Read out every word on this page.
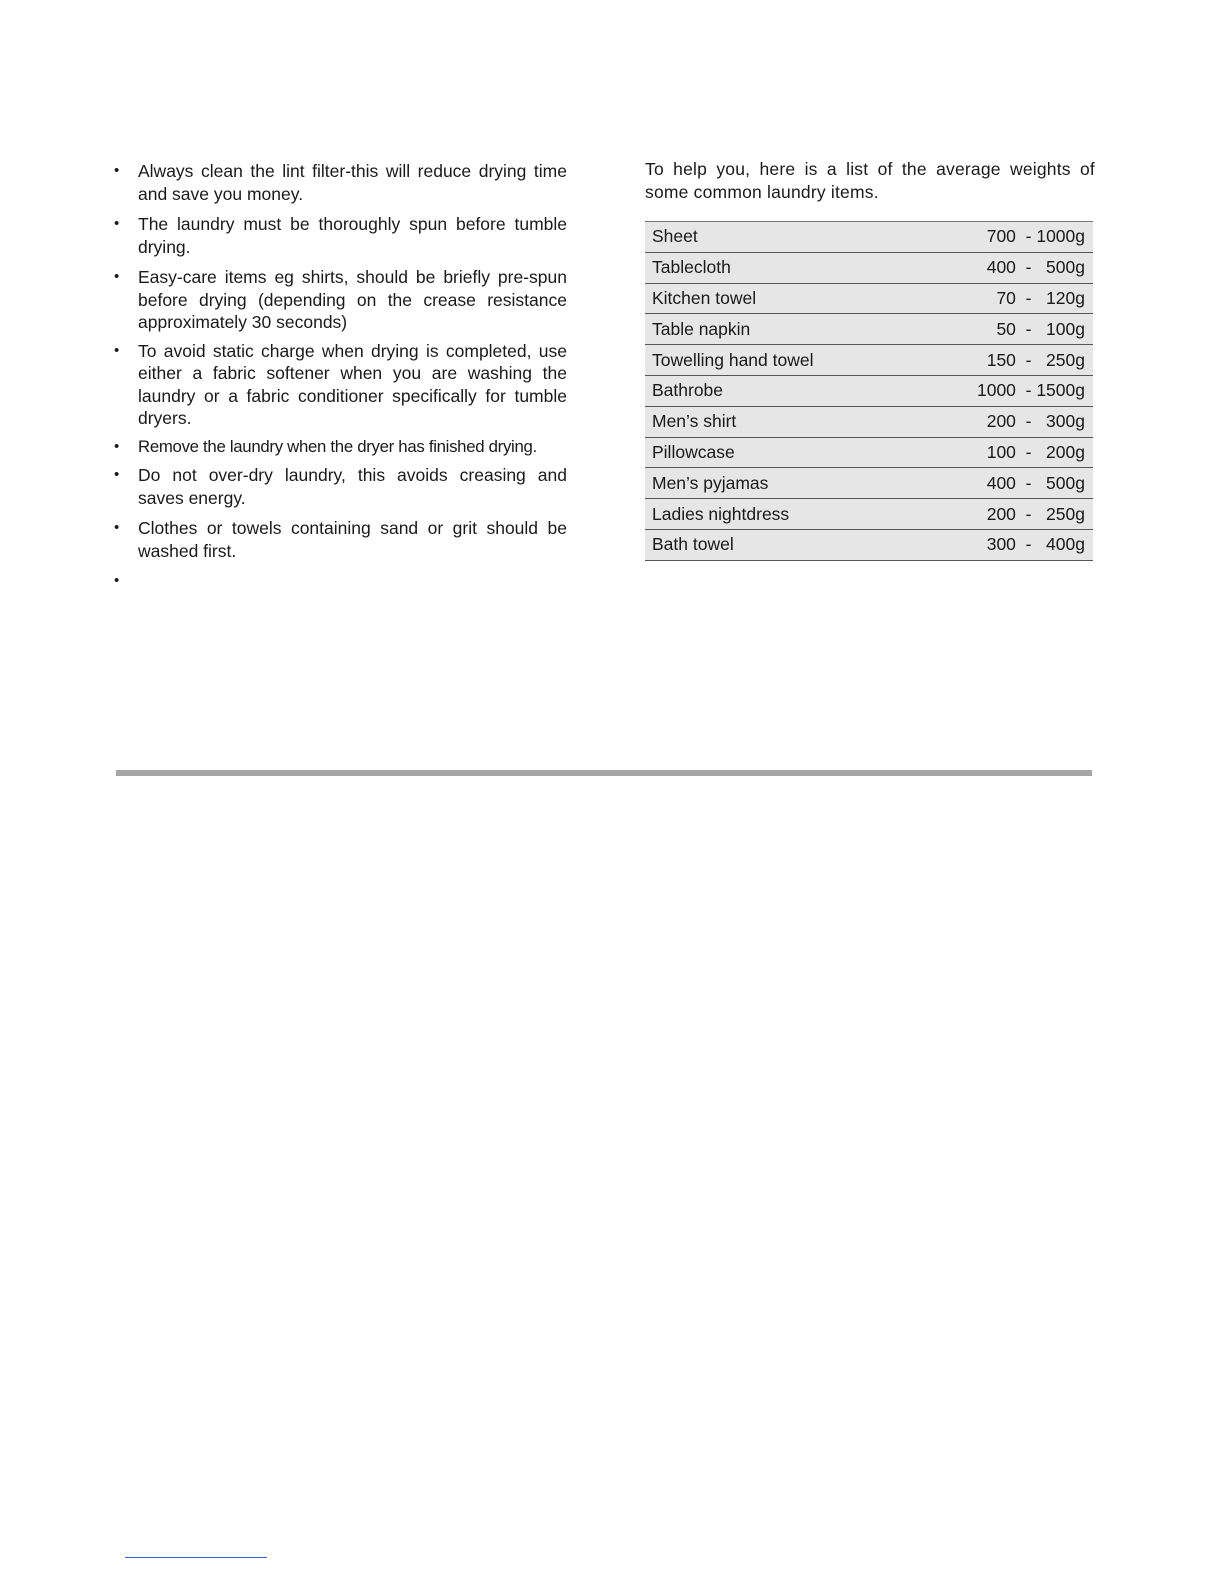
• Always clean the lint filter-this will reduce drying time and save you money.
• The laundry must be thoroughly spun before tumble drying.
• Easy-care items eg shirts, should be briefly pre-spun before drying (depending on the crease resistance approximately 30 seconds)
• To avoid static charge when drying is completed, use either a fabric softener when you are washing the laundry or a fabric conditioner specifically for tumble dryers.
• Remove the laundry when the dryer has finished drying.
• Do not over-dry laundry, this avoids creasing and saves energy.
• Clothes or towels containing sand or grit should be washed first.
•

To help you, here is a list of the average weights of some common laundry items.

Sheet	700  - 1000g
Tablecloth	400  -   500g
Kitchen towel	70  -   120g
Table napkin	50  -   100g
Towelling hand towel	150  -   250g
Bathrobe	1000  - 1500g
Men’s shirt	200  -   300g
Pillowcase	100  -   200g
Men’s pyjamas	400  -   500g
Ladies nightdress	200  -   250g
Bath towel	300  -   400g
